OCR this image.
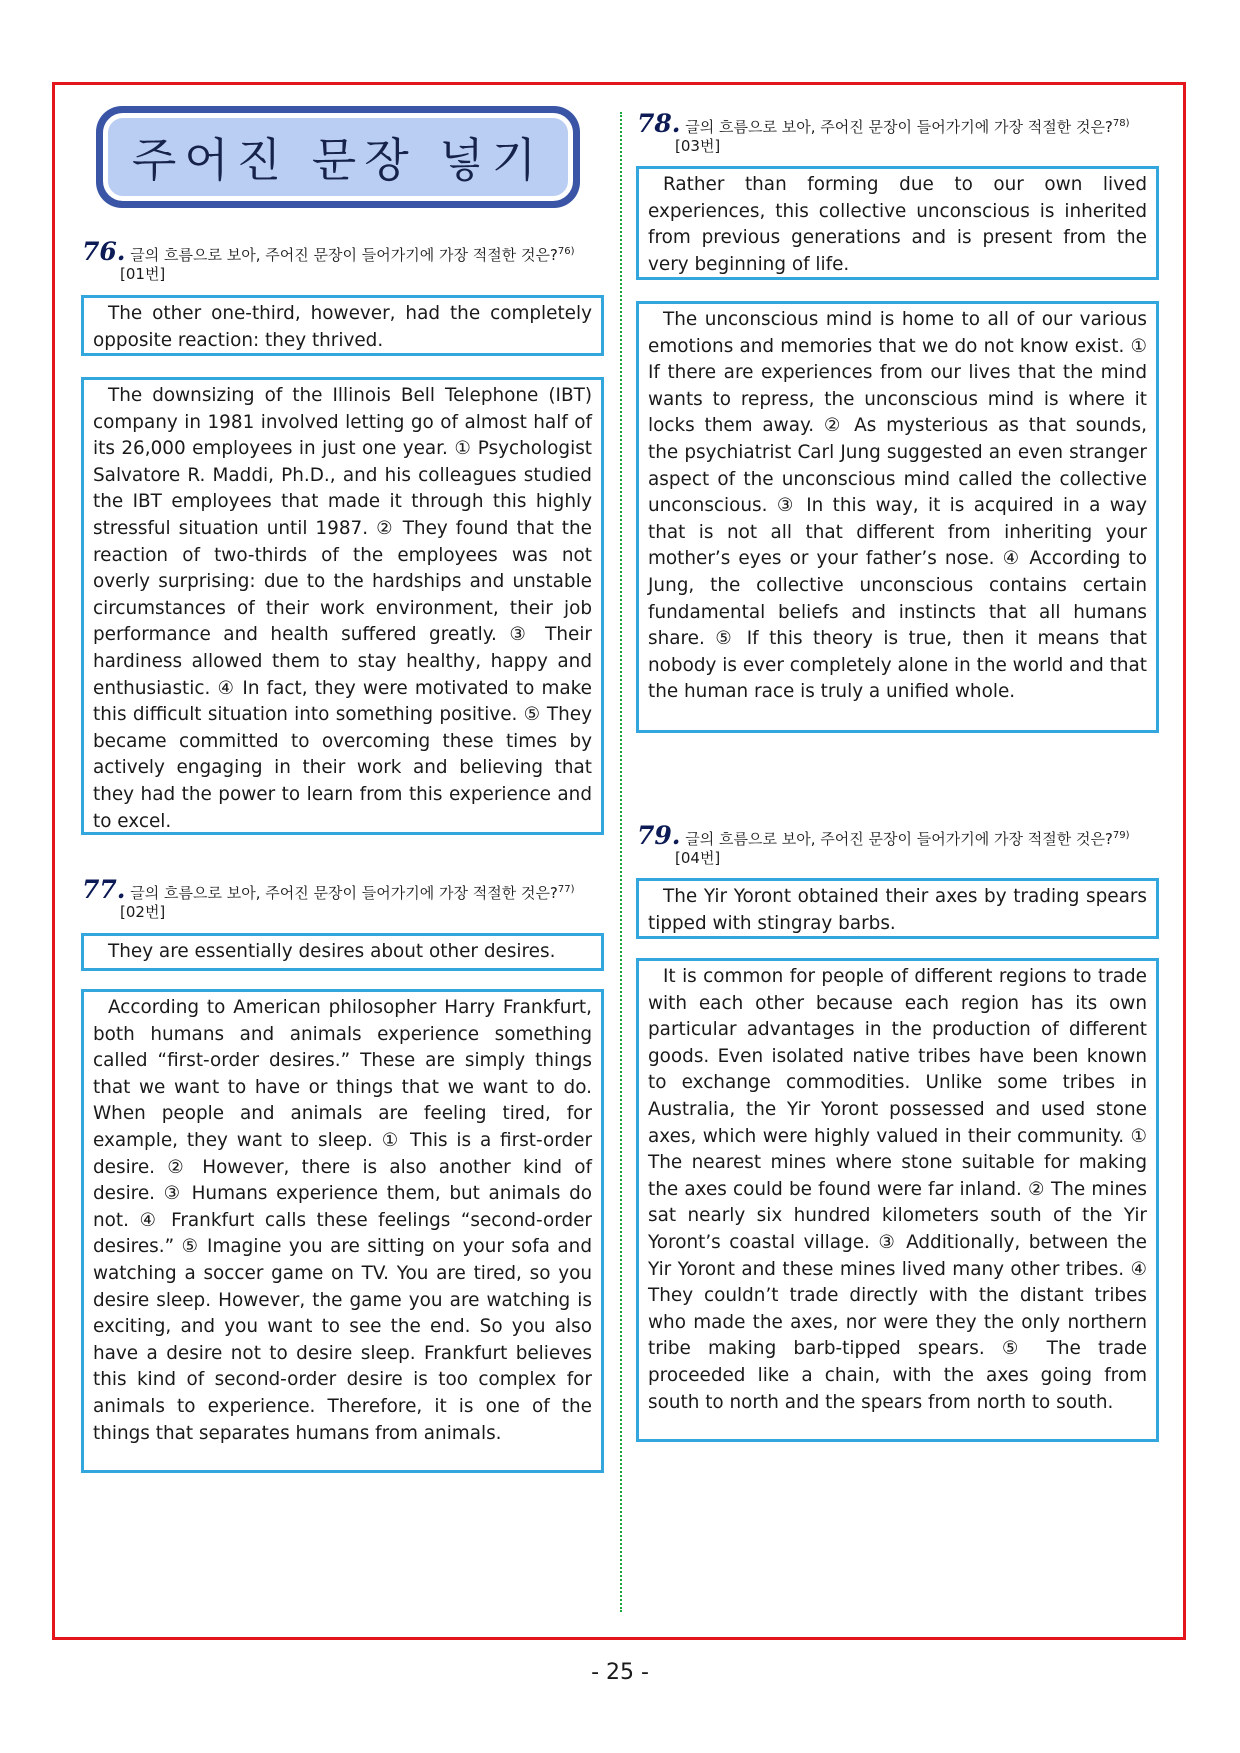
주어진 문장 넣기
76. 글의 흐름으로 보아, 주어진 문장이 들어가기에 가장 적절한 것은?$^{76)}$
[01번]
The other one-third, however, had the completely opposite reaction: they thrived.
The downsizing of the Illinois Bell Telephone (IBT) company in 1981 involved letting go of almost half of its 26,000 employees in just one year. ① Psychologist Salvatore R. Maddi, Ph.D., and his colleagues studied the IBT employees that made it through this highly stressful situation until 1987. ② They found that the reaction of two-thirds of the employees was not overly surprising: due to the hardships and unstable circumstances of their work environment, their job performance and health suffered greatly. ③ Their hardiness allowed them to stay healthy, happy and enthusiastic. ④ In fact, they were motivated to make this difficult situation into something positive. ⑤ They became committed to overcoming these times by actively engaging in their work and believing that they had the power to learn from this experience and to excel.
77. 글의 흐름으로 보아, 주어진 문장이 들어가기에 가장 적절한 것은?$^{77)}$
[02번]
They are essentially desires about other desires.
According to American philosopher Harry Frankfurt, both humans and animals experience something called “first-order desires.” These are simply things that we want to have or things that we want to do. When people and animals are feeling tired, for example, they want to sleep. ① This is a first-order desire. ② However, there is also another kind of desire. ③ Humans experience them, but animals do not. ④ Frankfurt calls these feelings “second-order desires.” ⑤ Imagine you are sitting on your sofa and watching a soccer game on TV. You are tired, so you desire sleep. However, the game you are watching is exciting, and you want to see the end. So you also have a desire not to desire sleep. Frankfurt believes this kind of second-order desire is too complex for animals to experience. Therefore, it is one of the things that separates humans from animals.
78. 글의 흐름으로 보아, 주어진 문장이 들어가기에 가장 적절한 것은?$^{78)}$
[03번]
Rather than forming due to our own lived experiences, this collective unconscious is inherited from previous generations and is present from the very beginning of life.
The unconscious mind is home to all of our various emotions and memories that we do not know exist. ① If there are experiences from our lives that the mind wants to repress, the unconscious mind is where it locks them away. ② As mysterious as that sounds, the psychiatrist Carl Jung suggested an even stranger aspect of the unconscious mind called the collective unconscious. ③ In this way, it is acquired in a way that is not all that different from inheriting your mother’s eyes or your father’s nose. ④ According to Jung, the collective unconscious contains certain fundamental beliefs and instincts that all humans share. ⑤ If this theory is true, then it means that nobody is ever completely alone in the world and that the human race is truly a unified whole.
79. 글의 흐름으로 보아, 주어진 문장이 들어가기에 가장 적절한 것은?$^{79)}$
[04번]
The Yir Yoront obtained their axes by trading spears tipped with stingray barbs.
It is common for people of different regions to trade with each other because each region has its own particular advantages in the production of different goods. Even isolated native tribes have been known to exchange commodities. Unlike some tribes in Australia, the Yir Yoront possessed and used stone axes, which were highly valued in their community. ① The nearest mines where stone suitable for making the axes could be found were far inland. ② The mines sat nearly six hundred kilometers south of the Yir Yoront’s coastal village. ③ Additionally, between the Yir Yoront and these mines lived many other tribes. ④ They couldn’t trade directly with the distant tribes who made the axes, nor were they the only northern tribe making barb-tipped spears. ⑤ The trade proceeded like a chain, with the axes going from south to north and the spears from north to south.
- 25 -
